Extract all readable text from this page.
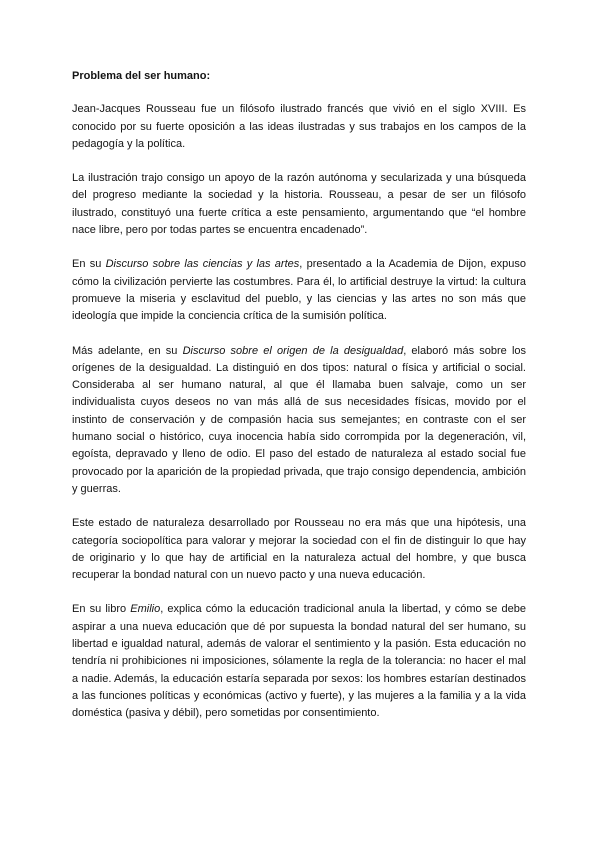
Problema del ser humano:

Jean-Jacques Rousseau fue un filósofo ilustrado francés que vivió en el siglo XVIII. Es conocido por su fuerte oposición a las ideas ilustradas y sus trabajos en los campos de la pedagogía y la política.

La ilustración trajo consigo un apoyo de la razón autónoma y secularizada y una búsqueda del progreso mediante la sociedad y la historia. Rousseau, a pesar de ser un filósofo ilustrado, constituyó una fuerte crítica a este pensamiento, argumentando que “el hombre nace libre, pero por todas partes se encuentra encadenado”.

En su Discurso sobre las ciencias y las artes, presentado a la Academia de Dijon, expuso cómo la civilización pervierte las costumbres. Para él, lo artificial destruye la virtud: la cultura promueve la miseria y esclavitud del pueblo, y las ciencias y las artes no son más que ideología que impide la conciencia crítica de la sumisión política.

Más adelante, en su Discurso sobre el origen de la desigualdad, elaboró más sobre los orígenes de la desigualdad. La distinguió en dos tipos: natural o física y artificial o social. Consideraba al ser humano natural, al que él llamaba buen salvaje, como un ser individualista cuyos deseos no van más allá de sus necesidades físicas, movido por el instinto de conservación y de compasión hacia sus semejantes; en contraste con el ser humano social o histórico, cuya inocencia había sido corrompida por la degeneración, vil, egoísta, depravado y lleno de odio. El paso del estado de naturaleza al estado social fue provocado por la aparición de la propiedad privada, que trajo consigo dependencia, ambición y guerras.

Este estado de naturaleza desarrollado por Rousseau no era más que una hipótesis, una categoría sociopolítica para valorar y mejorar la sociedad con el fin de distinguir lo que hay de originario y lo que hay de artificial en la naturaleza actual del hombre, y que busca recuperar la bondad natural con un nuevo pacto y una nueva educación.

En su libro Emilio, explica cómo la educación tradicional anula la libertad, y cómo se debe aspirar a una nueva educación que dé por supuesta la bondad natural del ser humano, su libertad e igualdad natural, además de valorar el sentimiento y la pasión. Esta educación no tendría ni prohibiciones ni imposiciones, sólamente la regla de la tolerancia: no hacer el mal a nadie. Además, la educación estaría separada por sexos: los hombres estarían destinados a las funciones políticas y económicas (activo y fuerte), y las mujeres a la familia y a la vida doméstica (pasiva y débil), pero sometidas por consentimiento.
